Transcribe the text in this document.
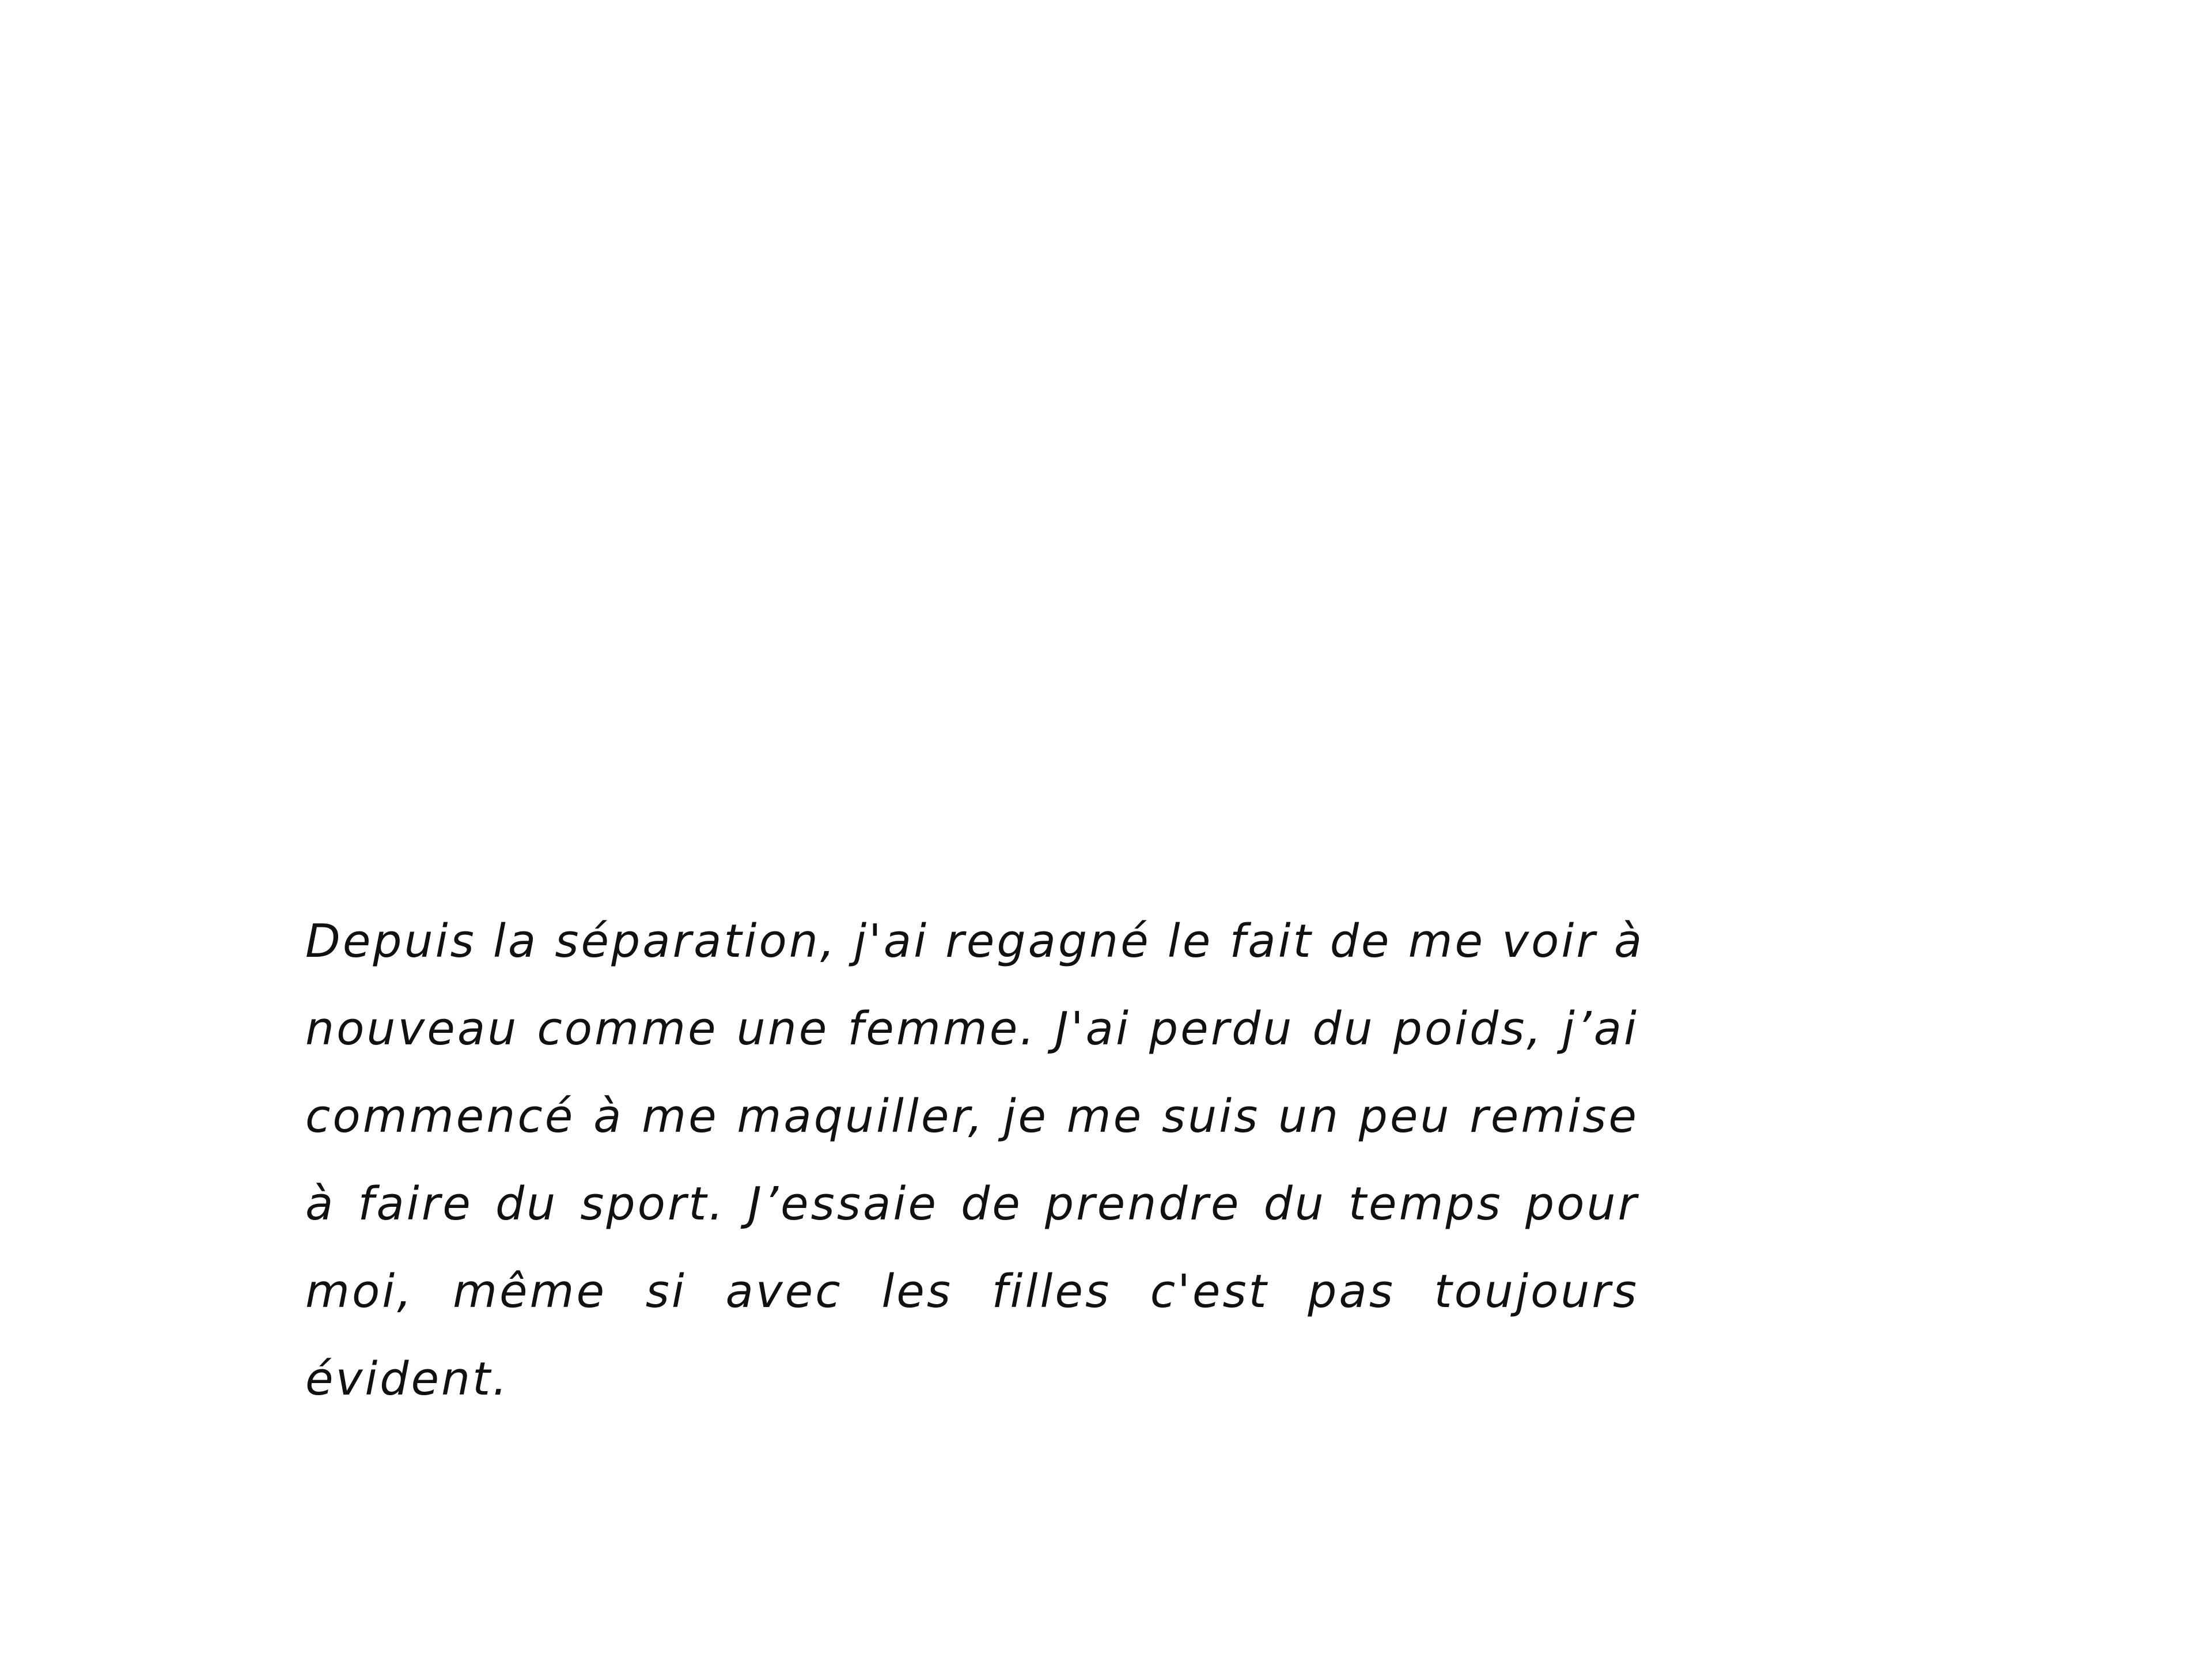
Depuis la séparation, j'ai regagné le fait de me voir à
nouveau comme une femme. J'ai perdu du poids, j’ai
commencé à me maquiller, je me suis un peu remise
à faire du sport. J’essaie de prendre du temps pour
moi, même si avec les filles c'est pas toujours
évident.
